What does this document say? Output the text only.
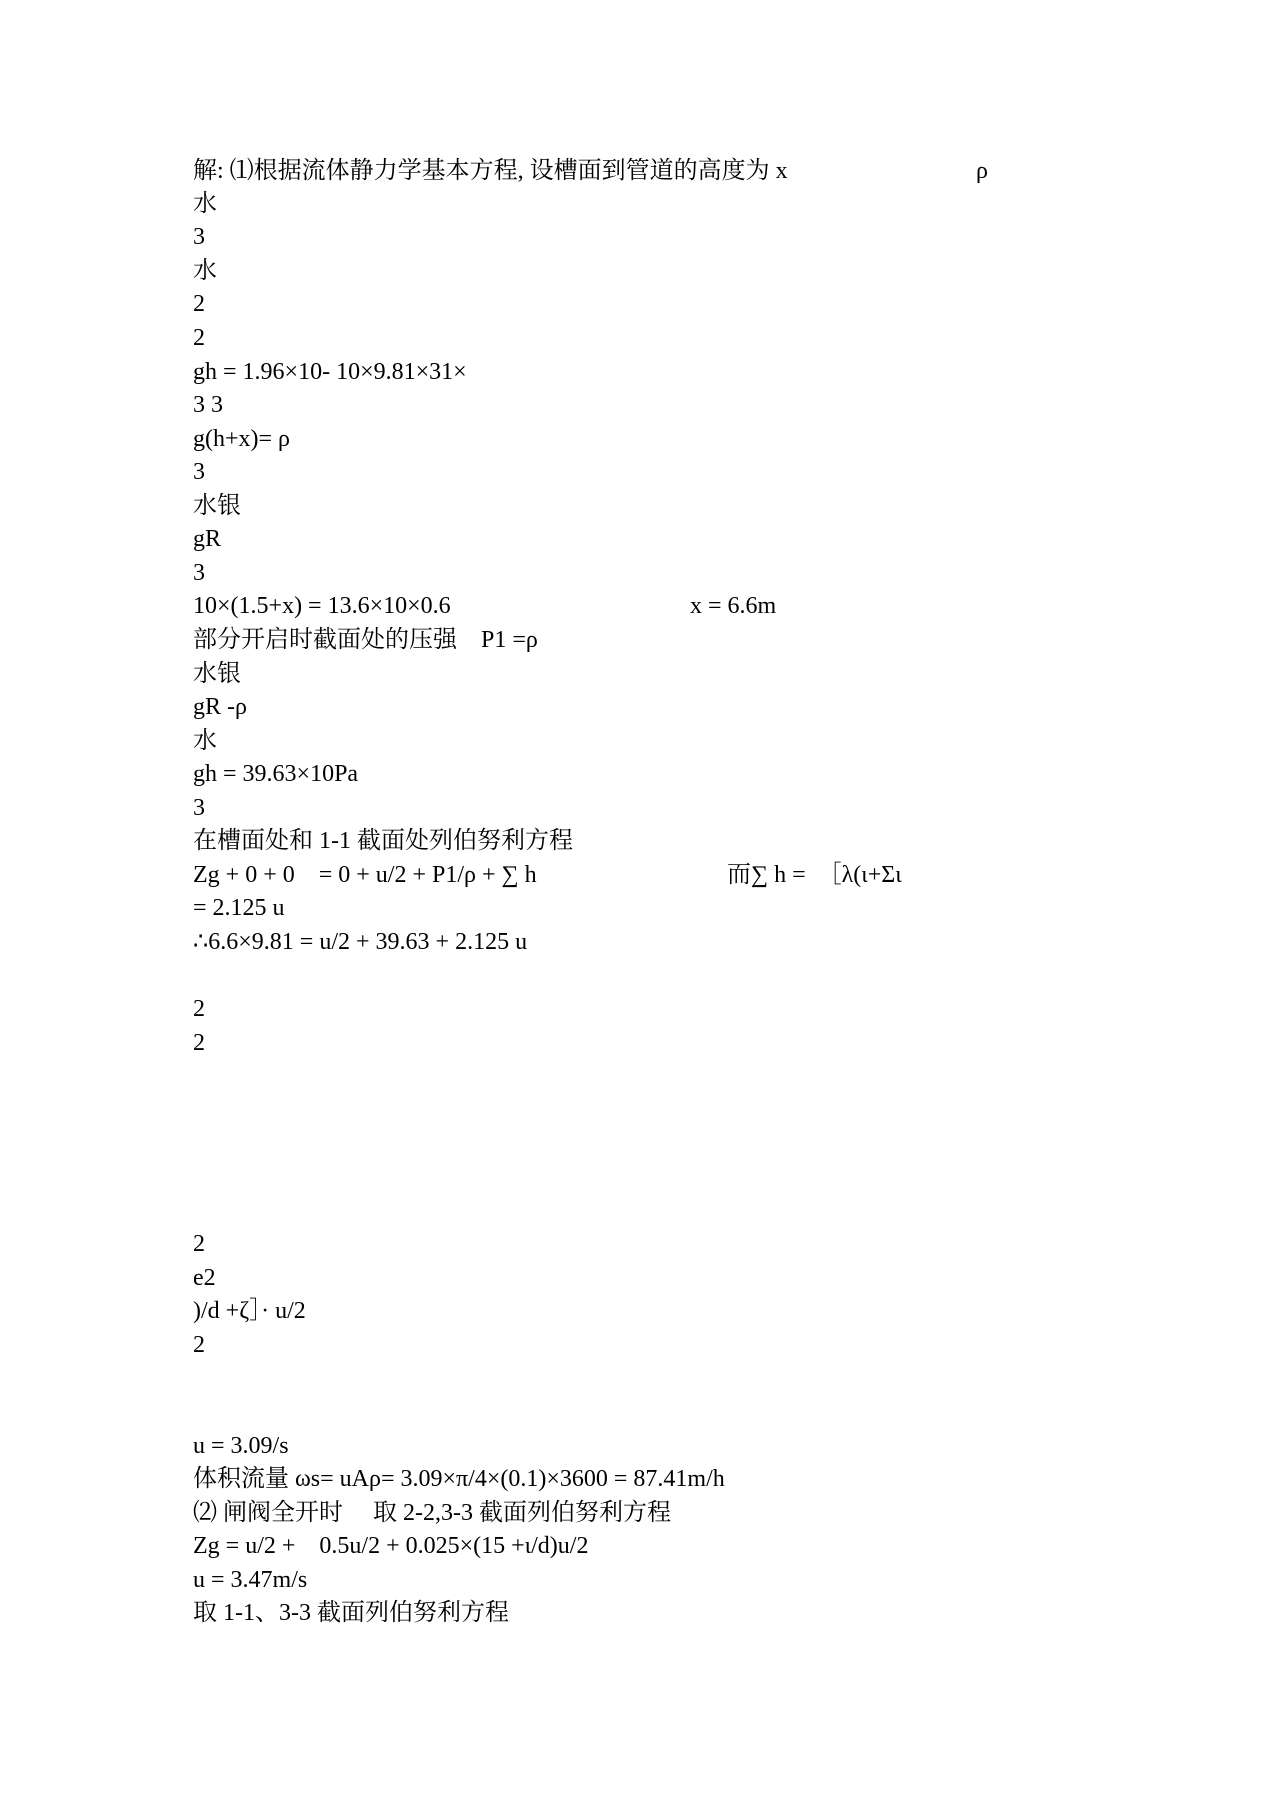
解: ⑴根据流体静力学基本方程, 设槽面到管道的高度为 x
水
3
水
2
2
gh = 1.96×10- 10×9.81×31×
3 3
g(h+x)= ρ
3
水银
gR
3
10×(1.5+x) = 13.6×10×0.6
部分开启时截面处的压强　P1 =ρ
水银
gR -ρ
水
gh = 39.63×10Pa
3
在槽面处和 1-1 截面处列伯努利方程
Zg + 0 + 0　= 0 + u/2 + P1/ρ + ∑ h
= 2.125 u
∴6.6×9.81 = u/2 + 39.63 + 2.125 u
2
2
2
e2
)/d +ζ］· u/2
2
u = 3.09/s
体积流量 ωs= uAρ= 3.09×π/4×(0.1)×3600 = 87.41m/h
⑵ 闸阀全开时　 取 2-2,3-3 截面列伯努利方程
Zg = u/2 +　0.5u/2 + 0.025×(15 +ι/d)u/2
u = 3.47m/s
取 1-1、3-3 截面列伯努利方程
ρ
x = 6.6m
而∑ h =　［λ(ι+Σι
